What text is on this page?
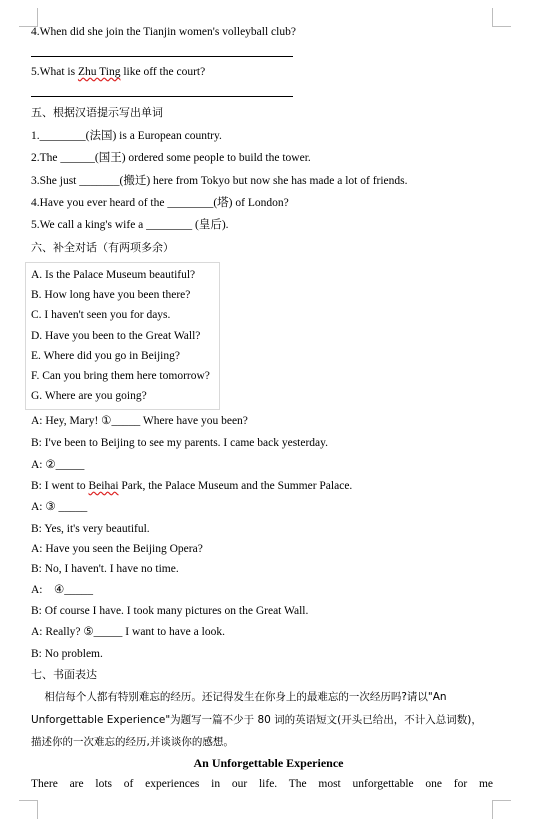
4.When did she join the Tianjin women's volleyball club?
5.What is Zhu Ting like off the court?
五、根据汉语提示写出单词
1.________(法国) is a European country.
2.The ______(国王) ordered some people to build the tower.
3.She just _______(搬迁) here from Tokyo but now she has made a lot of friends.
4.Have you ever heard of the ________(塔) of London?
5.We call a king's wife a ________ (皇后).
六、补全对话（有两项多余）
A. Is the Palace Museum beautiful?
B. How long have you been there?
C. I haven't seen you for days.
D. Have you been to the Great Wall?
E. Where did you go in Beijing?
F. Can you bring them here tomorrow?
G. Where are you going?
A: Hey, Mary! ①_____ Where have you been?
B: I've been to Beijing to see my parents. I came back yesterday.
A: ②_____
B: I went to Beihai Park, the Palace Museum and the Summer Palace.
A: ③ _____
B: Yes, it's very beautiful.
A: Have you seen the Beijing Opera?
B: No, I haven't. I have no time.
A:    ④_____
B: Of course I have. I took many pictures on the Great Wall.
A: Really? ⑤_____ I want to have a look.
B: No problem.
七、书面表达
相信每个人都有特别难忘的经历。还记得发生在你身上的最难忘的一次经历吗?请以"An
Unforgettable Experience"为题写一篇不少于 80 词的英语短文(开头已给出，不计入总词数)，
描述你的一次难忘的经历,并谈谈你的感想。
An Unforgettable Experience
There are lots of experiences in our life. The most unforgettable one for me
